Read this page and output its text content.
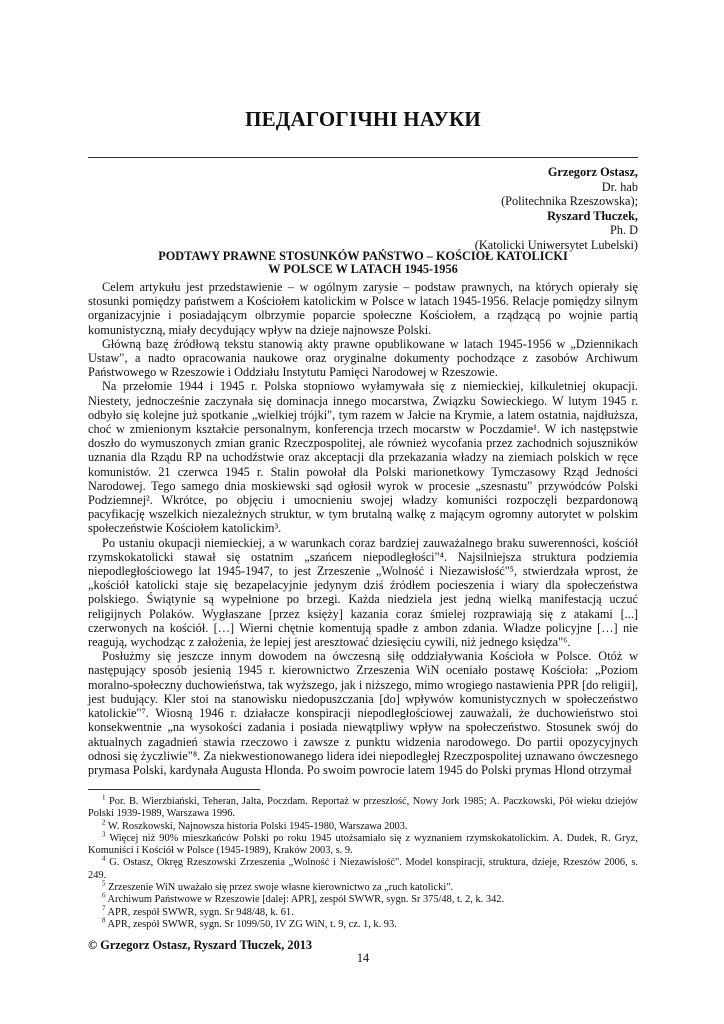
ПЕДАГОГІЧНІ НАУКИ
Grzegorz Ostasz,
Dr. hab
(Politechnika Rzeszowska);
Ryszard Tłuczek,
Ph. D
(Katolicki Uniwersytet Lubelski)
PODTAWY PRAWNE STOSUNKÓW PAŃSTWO – KOŚCIOŁ KATOLICKI
W POLSCE W LATACH 1945-1956

Celem artykułu jest przedstawienie – w ogólnym zarysie – podstaw prawnych, na których opierały się stosunki pomiędzy państwem a Kościołem katolickim w Polsce w latach 1945-1956. Relacje pomiędzy silnym organizacyjnie i posiadającym olbrzymie poparcie społeczne Kościołem, a rządzącą po wojnie partią komunistyczną, miały decydujący wpływ na dzieje najnowsze Polski.

Główną bazę źródłową tekstu stanowią akty prawne opublikowane w latach 1945-1956 w „Dziennikach Ustaw", a nadto opracowania naukowe oraz oryginalne dokumenty pochodzące z zasobów Archiwum Państwowego w Rzeszowie i Oddziału Instytutu Pamięci Narodowej w Rzeszowie.

Na przełomie 1944 i 1945 r. Polska stopniowo wyłamywała się z niemieckiej, kilkuletniej okupacji. Niestety, jednocześnie zaczynała się dominacja innego mocarstwa, Związku Sowieckiego. W lutym 1945 r. odbyło się kolejne już spotkanie „wielkiej trójki", tym razem w Jałcie na Krymie, a latem ostatnia, najdłuższa, choć w zmienionym kształcie personalnym, konferencja trzech mocarstw w Poczdamie¹. W ich następstwie doszło do wymuszonych zmian granic Rzeczpospolitej, ale również wycofania przez zachodnich sojuszników uznania dla Rządu RP na uchodźstwie oraz akceptacji dla przekazania władzy na ziemiach polskich w ręce komunistów. 21 czerwca 1945 r. Stalin powołał dla Polski marionetkowy Tymczasowy Rząd Jedności Narodowej. Tego samego dnia moskiewski sąd ogłosił wyrok w procesie „szesnastu" przywódców Polski Podziemnej². Wkrótce, po objęciu i umocnieniu swojej władzy komuniści rozpoczęli bezpardonową pacyfikację wszelkich niezależnych struktur, w tym brutalną walkę z mającym ogromny autorytet w polskim społeczeństwie Kościołem katolickim³.

Po ustaniu okupacji niemieckiej, a w warunkach coraz bardziej zauważalnego braku suwerenności, kościół rzymskokatolicki stawał się ostatnim „szańcem niepodległości"⁴. Najsilniejsza struktura podziemia niepodległościowego lat 1945-1947, to jest Zrzeszenie „Wolność i Niezawisłość"⁵, stwierdzała wprost, że „kościół katolicki staje się bezapelacyjnie jedynym dziś źródłem pocieszenia i wiary dla społeczeństwa polskiego. Świątynie są wypełnione po brzegi. Każda niedziela jest jedną wielką manifestacją uczuć religijnych Polaków. Wygłaszane [przez księży] kazania coraz śmielej rozprawiają się z atakami [...] czerwonych na kościół. […] Wierni chętnie komentują spadłe z ambon zdania. Władze policyjne […] nie reagują, wychodząc z założenia, że lepiej jest aresztować dziesięciu cywili, niż jednego księdza"⁶.

Posłużmy się jeszcze innym dowodem na ówczesną siłę oddziaływania Kościoła w Polsce. Otóż w następujący sposób jesienią 1945 r. kierownictwo Zrzeszenia WiN oceniało postawę Kościoła: „Poziom moralno-społeczny duchowieństwa, tak wyższego, jak i niższego, mimo wrogiego nastawienia PPR [do religii], jest budujący. Kler stoi na stanowisku niedopuszczania [do] wpływów komunistycznych w społeczeństwo katolickie"⁷. Wiosną 1946 r. działacze konspiracji niepodległościowej zauważali, że duchowieństwo stoi konsekwentnie „na wysokości zadania i posiada niewątpliwy wpływ na społeczeństwo. Stosunek swój do aktualnych zagadnień stawia rzeczowo i zawsze z punktu widzenia narodowego. Do partii opozycyjnych odnosi się życzliwie"⁸. Za niekwestionowanego lidera idei niepodległej Rzeczpospolitej uznawano ówczesnego prymasa Polski, kardynała Augusta Hlonda. Po swoim powrocie latem 1945 do Polski prymas Hlond otrzymał

$^1$ Por. B. Wierzbiański, Teheran, Jalta, Poczdam. Reportaż w przeszłość, Nowy Jork 1985; A. Paczkowski, Pół wieku dziejów Polski 1939-1989, Warszawa 1996.

$^2$ W. Roszkowski, Najnowsza historia Polski 1945-1980, Warszawa 2003.

$^3$ Więcej niż 90% mieszkańców Polski po roku 1945 utożsamiało się z wyznaniem rzymskokatolickim. A. Dudek, R. Gryz, Komuniści i Kościół w Polsce (1945-1989), Kraków 2003, s. 9.

$^4$ G. Ostasz, Okręg Rzeszowski Zrzeszenia „Wolność i Niezawisłość". Model konspiracji, struktura, dzieje, Rzeszów 2006, s. 249.

$^5$ Zrzeszenie WiN uważało się przez swoje własne kierownictwo za „ruch katolicki".

$^6$ Archiwum Państwowe w Rzeszowie [dalej: APR], zespół SWWR, sygn. Sr 375/48, t. 2, k. 342.

$^7$ APR, zespół SWWR, sygn. Sr 948/48, k. 61.

$^8$ APR, zespół SWWR, sygn. Sr 1099/50, IV ZG WiN, t. 9, cz. 1, k. 93.

© Grzegorz Ostasz, Ryszard Tłuczek, 2013
14
